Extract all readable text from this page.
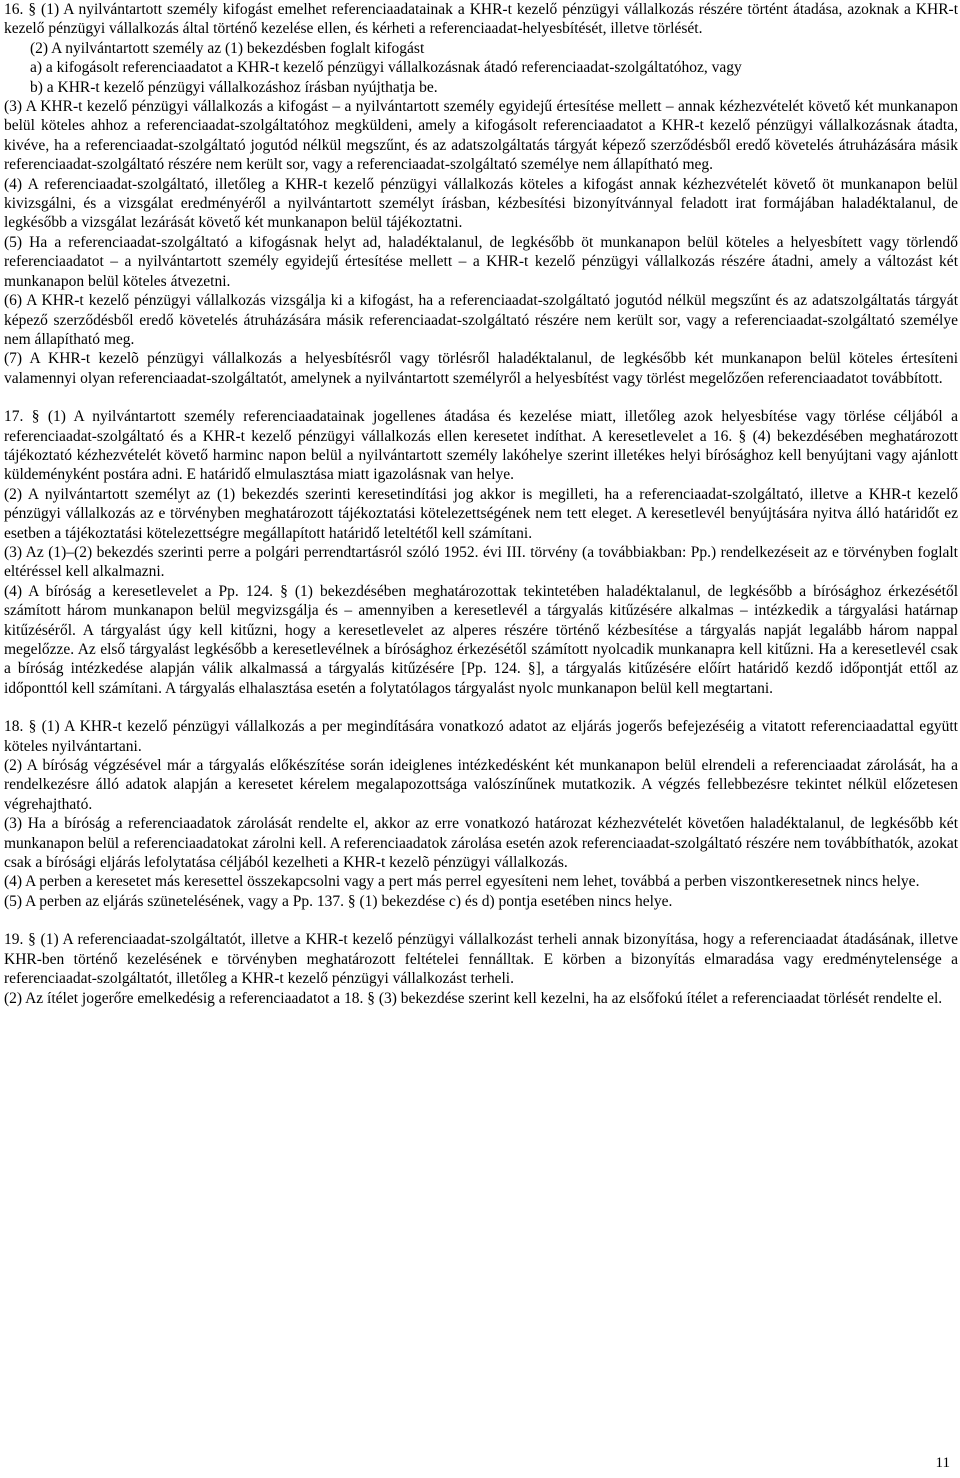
16. § (1) A nyilvántartott személy kifogást emelhet referenciaadatainak a KHR-t kezelő pénzügyi vállalkozás részére történt átadása, azoknak a KHR-t kezelő pénzügyi vállalkozás által történő kezelése ellen, és kérheti a referenciaadat-helyesbítését, illetve törlését.

(2) A nyilvántartott személy az (1) bekezdésben foglalt kifogást

a) a kifogásolt referenciaadatot a KHR-t kezelő pénzügyi vállalkozásnak átadó referenciaadat-szolgáltatóhoz, vagy

b) a KHR-t kezelő pénzügyi vállalkozáshoz írásban nyújthatja be.

(3) A KHR-t kezelő pénzügyi vállalkozás a kifogást – a nyilvántartott személy egyidejű értesítése mellett – annak kézhezvételét követő két munkanapon belül köteles ahhoz a referenciaadat-szolgáltatóhoz megküldeni, amely a kifogásolt referenciaadatot a KHR-t kezelő pénzügyi vállalkozásnak átadta, kivéve, ha a referenciaadat-szolgáltató jogutód nélkül megszűnt, és az adatszolgáltatás tárgyát képező szerződésből eredő követelés átruházására másik referenciaadat-szolgáltató részére nem került sor, vagy a referenciaadat-szolgáltató személye nem állapítható meg.

(4) A referenciaadat-szolgáltató, illetőleg a KHR-t kezelő pénzügyi vállalkozás köteles a kifogást annak kézhezvételét követő öt munkanapon belül kivizsgálni, és a vizsgálat eredményéről a nyilvántartott személyt írásban, kézbesítési bizonyítvánnyal feladott irat formájában haladéktalanul, de legkésőbb a vizsgálat lezárását követő két munkanapon belül tájékoztatni.

(5) Ha a referenciaadat-szolgáltató a kifogásnak helyt ad, haladéktalanul, de legkésőbb öt munkanapon belül köteles a helyesbített vagy törlendő referenciaadatot – a nyilvántartott személy egyidejű értesítése mellett – a KHR-t kezelő pénzügyi vállalkozás részére átadni, amely a változást két munkanapon belül köteles átvezetni.

(6) A KHR-t kezelő pénzügyi vállalkozás vizsgálja ki a kifogást, ha a referenciaadat-szolgáltató jogutód nélkül megszűnt és az adatszolgáltatás tárgyát képező szerződésből eredő követelés átruházására másik referenciaadat-szolgáltató részére nem került sor, vagy a referenciaadat-szolgáltató személye nem állapítható meg.

(7) A KHR-t kezelõ pénzügyi vállalkozás a helyesbítésről vagy törlésről haladéktalanul, de legkésőbb két munkanapon belül köteles értesíteni valamennyi olyan referenciaadat-szolgáltatót, amelynek a nyilvántartott személyről a helyesbítést vagy törlést megelőzően referenciaadatot továbbított.

17. § (1) A nyilvántartott személy referenciaadatainak jogellenes átadása és kezelése miatt, illetőleg azok helyesbítése vagy törlése céljából a referenciaadat-szolgáltató és a KHR-t kezelő pénzügyi vállalkozás ellen keresetet indíthat. A keresetlevelet a 16. § (4) bekezdésében meghatározott tájékoztató kézhezvételét követő harminc napon belül a nyilvántartott személy lakóhelye szerint illetékes helyi bírósághoz kell benyújtani vagy ajánlott küldeményként postára adni. E határidő elmulasztása miatt igazolásnak van helye.

(2) A nyilvántartott személyt az (1) bekezdés szerinti keresetindítási jog akkor is megilleti, ha a referenciaadat-szolgáltató, illetve a KHR-t kezelő pénzügyi vállalkozás az e törvényben meghatározott tájékoztatási kötelezettségének nem tett eleget. A keresetlevél benyújtására nyitva álló határidőt ez esetben a tájékoztatási kötelezettségre megállapított határidő leteltétől kell számítani.

(3) Az (1)–(2) bekezdés szerinti perre a polgári perrendtartásról szóló 1952. évi III. törvény (a továbbiakban: Pp.) rendelkezéseit az e törvényben foglalt eltéréssel kell alkalmazni.

(4) A bíróság a keresetlevelet a Pp. 124. § (1) bekezdésében meghatározottak tekintetében haladéktalanul, de legkésőbb a bírósághoz érkezésétől számított három munkanapon belül megvizsgálja és – amennyiben a keresetlevél a tárgyalás kitűzésére alkalmas – intézkedik a tárgyalási határnap kitűzéséről. A tárgyalást úgy kell kitűzni, hogy a keresetlevelet az alperes részére történő kézbesítése a tárgyalás napját legalább három nappal megelőzze. Az első tárgyalást legkésőbb a keresetlevélnek a bírósághoz érkezésétől számított nyolcadik munkanapra kell kitűzni. Ha a keresetlevél csak a bíróság intézkedése alapján válik alkalmassá a tárgyalás kitűzésére [Pp. 124. §], a tárgyalás kitűzésére előírt határidő kezdő időpontját ettől az időponttól kell számítani. A tárgyalás elhalasztása esetén a folytatólagos tárgyalást nyolc munkanapon belül kell megtartani.

18. § (1) A KHR-t kezelő pénzügyi vállalkozás a per megindítására vonatkozó adatot az eljárás jogerős befejezéséig a vitatott referenciaadattal együtt köteles nyilvántartani.

(2) A bíróság végzésével már a tárgyalás előkészítése során ideiglenes intézkedésként két munkanapon belül elrendeli a referenciaadat zárolását, ha a rendelkezésre álló adatok alapján a keresetet kérelem megalapozottsága valószínűnek mutatkozik. A végzés fellebbezésre tekintet nélkül előzetesen végrehajtható.

(3) Ha a bíróság a referenciaadatok zárolását rendelte el, akkor az erre vonatkozó határozat kézhezvételét követően haladéktalanul, de legkésőbb két munkanapon belül a referenciaadatokat zárolni kell. A referenciaadatok zárolása esetén azok referenciaadat-szolgáltató részére nem továbbíthatók, azokat csak a bírósági eljárás lefolytatása céljából kezelheti a KHR-t kezelõ pénzügyi vállalkozás.

(4) A perben a keresetet más keresettel összekapcsolni vagy a pert más perrel egyesíteni nem lehet, továbbá a perben viszontkeresetnek nincs helye.

(5) A perben az eljárás szünetelésének, vagy a Pp. 137. § (1) bekezdése c) és d) pontja esetében nincs helye.

19. § (1) A referenciaadat-szolgáltatót, illetve a KHR-t kezelő pénzügyi vállalkozást terheli annak bizonyítása, hogy a referenciaadat átadásának, illetve KHR-ben történő kezelésének e törvényben meghatározott feltételei fennálltak. E körben a bizonyítás elmaradása vagy eredménytelensége a referenciaadat-szolgáltatót, illetőleg a KHR-t kezelő pénzügyi vállalkozást terheli.

(2) Az ítélet jogerőre emelkedésig a referenciaadatot a 18. § (3) bekezdése szerint kell kezelni, ha az elsőfokú ítélet a referenciaadat törlését rendelte el.

11
